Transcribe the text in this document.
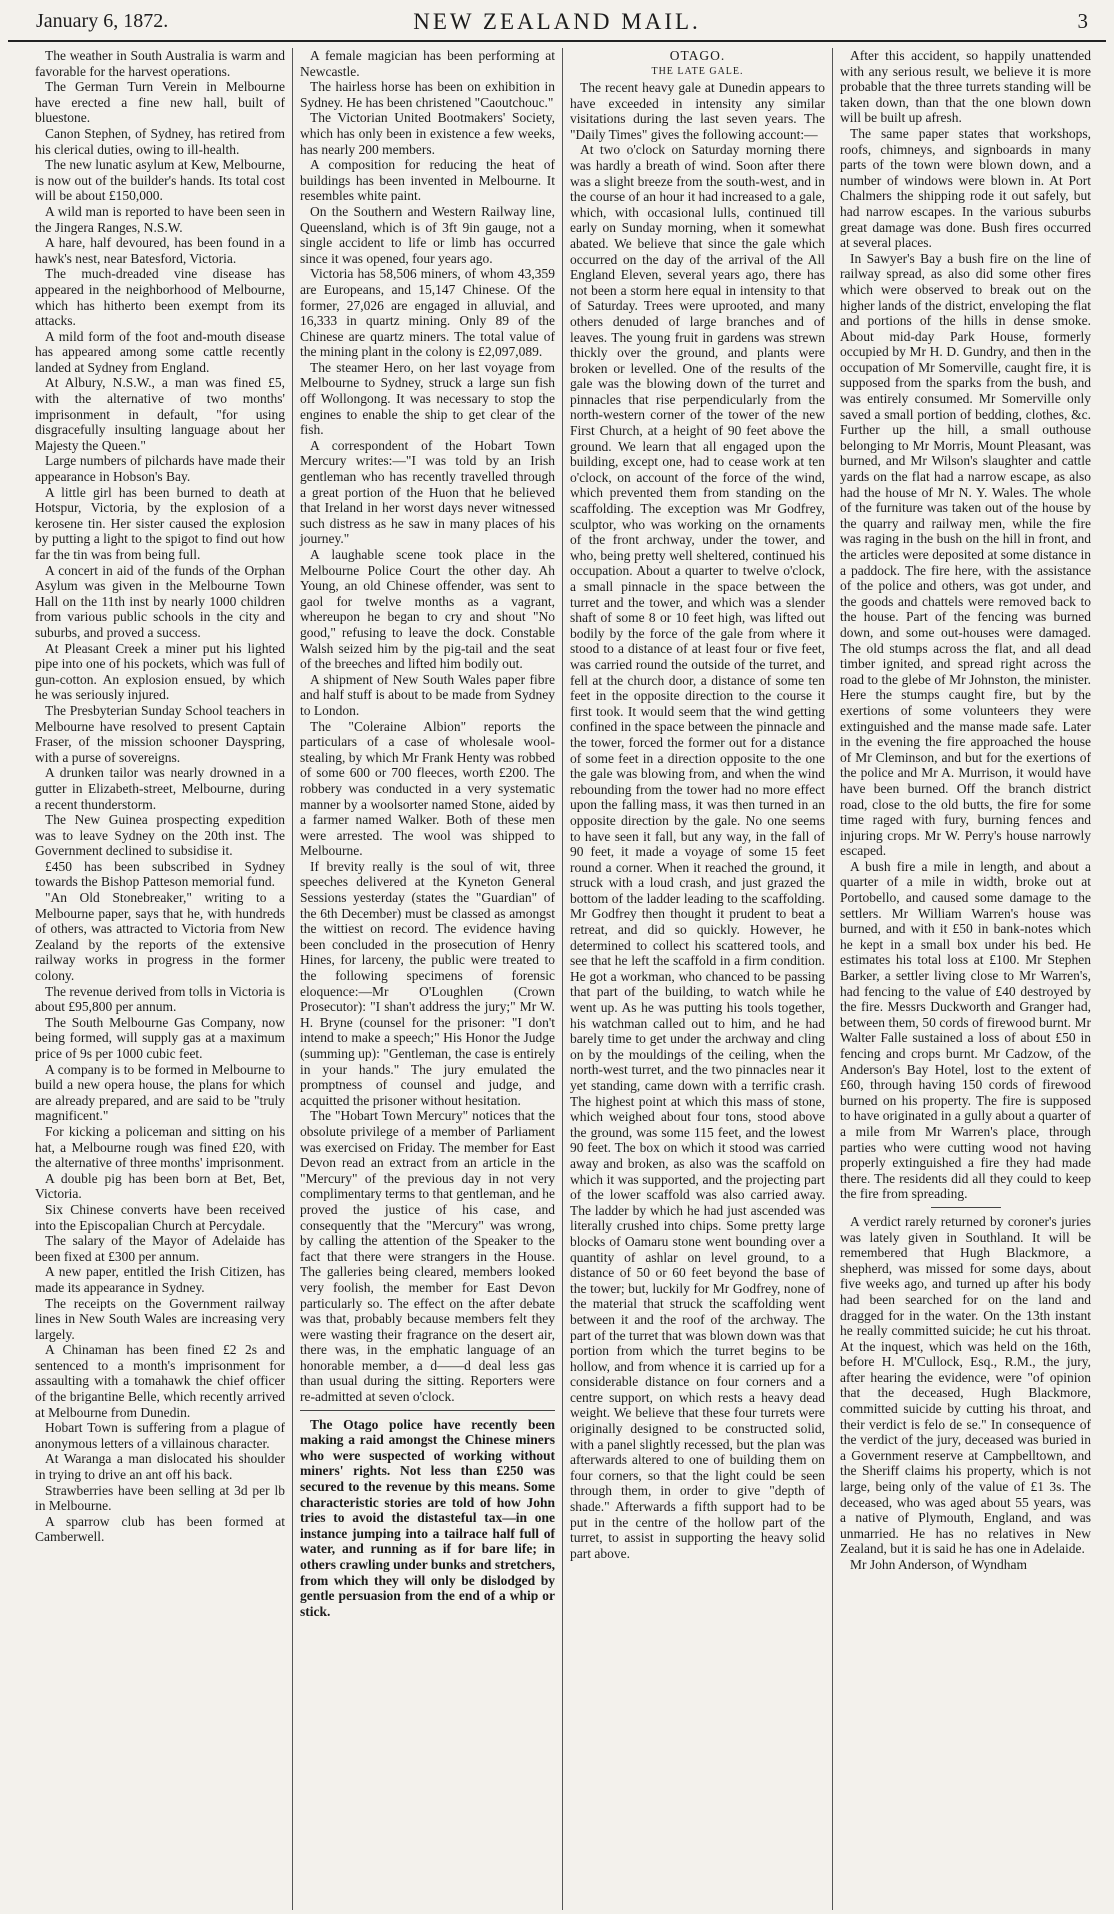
January 6, 1872.	NEW ZEALAND MAIL.	3

The weather in South Australia is warm and favorable for the harvest operations.

The German Turn Verein in Melbourne have erected a fine new hall, built of bluestone.

Canon Stephen, of Sydney, has retired from his clerical duties, owing to ill-health.

The new lunatic asylum at Kew, Melbourne, is now out of the builder's hands. Its total cost will be about £150,000.

A wild man is reported to have been seen in the Jingera Ranges, N.S.W.

A hare, half devoured, has been found in a hawk's nest, near Batesford, Victoria.

The much-dreaded vine disease has appeared in the neighborhood of Melbourne, which has hitherto been exempt from its attacks.

A mild form of the foot and-mouth disease has appeared among some cattle recently landed at Sydney from England.

At Albury, N.S.W., a man was fined £5, with the alternative of two months' imprisonment in default, "for using disgracefully insulting language about her Majesty the Queen."

Large numbers of pilchards have made their appearance in Hobson's Bay.

A little girl has been burned to death at Hotspur, Victoria, by the explosion of a kerosene tin. Her sister caused the explosion by putting a light to the spigot to find out how far the tin was from being full.

A concert in aid of the funds of the Orphan Asylum was given in the Melbourne Town Hall on the 11th inst by nearly 1000 children from various public schools in the city and suburbs, and proved a success.

At Pleasant Creek a miner put his lighted pipe into one of his pockets, which was full of gun-cotton. An explosion ensued, by which he was seriously injured.

The Presbyterian Sunday School teachers in Melbourne have resolved to present Captain Fraser, of the mission schooner Dayspring, with a purse of sovereigns.

A drunken tailor was nearly drowned in a gutter in Elizabeth-street, Melbourne, during a recent thunderstorm.

The New Guinea prospecting expedition was to leave Sydney on the 20th inst. The Government declined to subsidise it.

£450 has been subscribed in Sydney towards the Bishop Patteson memorial fund.

"An Old Stonebreaker," writing to a Melbourne paper, says that he, with hundreds of others, was attracted to Victoria from New Zealand by the reports of the extensive railway works in progress in the former colony.

The revenue derived from tolls in Victoria is about £95,800 per annum.

The South Melbourne Gas Company, now being formed, will supply gas at a maximum price of 9s per 1000 cubic feet.

A company is to be formed in Melbourne to build a new opera house, the plans for which are already prepared, and are said to be "truly magnificent."

For kicking a policeman and sitting on his hat, a Melbourne rough was fined £20, with the alternative of three months' imprisonment.

A double pig has been born at Bet, Bet, Victoria.

Six Chinese converts have been received into the Episcopalian Church at Percydale.

The salary of the Mayor of Adelaide has been fixed at £300 per annum.

A new paper, entitled the Irish Citizen, has made its appearance in Sydney.

The receipts on the Government railway lines in New South Wales are increasing very largely.

A Chinaman has been fined £2 2s and sentenced to a month's imprisonment for assaulting with a tomahawk the chief officer of the brigantine Belle, which recently arrived at Melbourne from Dunedin.

Hobart Town is suffering from a plague of anonymous letters of a villainous character.

At Waranga a man dislocated his shoulder in trying to drive an ant off his back.

Strawberries have been selling at 3d per lb in Melbourne.

A sparrow club has been formed at Camberwell.

A female magician has been performing at Newcastle.

The hairless horse has been on exhibition in Sydney. He has been christened "Caoutchouc."

The Victorian United Bootmakers' Society, which has only been in existence a few weeks, has nearly 200 members.

A composition for reducing the heat of buildings has been invented in Melbourne. It resembles white paint.

On the Southern and Western Railway line, Queensland, which is of 3ft 9in gauge, not a single accident to life or limb has occurred since it was opened, four years ago.

Victoria has 58,506 miners, of whom 43,359 are Europeans, and 15,147 Chinese. Of the former, 27,026 are engaged in alluvial, and 16,333 in quartz mining. Only 89 of the Chinese are quartz miners. The total value of the mining plant in the colony is £2,097,089.

The steamer Hero, on her last voyage from Melbourne to Sydney, struck a large sun fish off Wollongong. It was necessary to stop the engines to enable the ship to get clear of the fish.

A correspondent of the Hobart Town Mercury writes:—"I was told by an Irish gentleman who has recently travelled through a great portion of the Huon that he believed that Ireland in her worst days never witnessed such distress as he saw in many places of his journey."

A laughable scene took place in the Melbourne Police Court the other day. Ah Young, an old Chinese offender, was sent to gaol for twelve months as a vagrant, whereupon he began to cry and shout "No good," refusing to leave the dock. Constable Walsh seized him by the pig-tail and the seat of the breeches and lifted him bodily out.

A shipment of New South Wales paper fibre and half stuff is about to be made from Sydney to London.

The "Coleraine Albion" reports the particulars of a case of wholesale wool-stealing, by which Mr Frank Henty was robbed of some 600 or 700 fleeces, worth £200. The robbery was conducted in a very systematic manner by a woolsorter named Stone, aided by a farmer named Walker. Both of these men were arrested. The wool was shipped to Melbourne.

If brevity really is the soul of wit, three speeches delivered at the Kyneton General Sessions yesterday (states the "Guardian" of the 6th December) must be classed as amongst the wittiest on record. The evidence having been concluded in the prosecution of Henry Hines, for larceny, the public were treated to the following specimens of forensic eloquence:—Mr O'Loughlen (Crown Prosecutor): "I shan't address the jury;" Mr W. H. Bryne (counsel for the prisoner: "I don't intend to make a speech;" His Honor the Judge (summing up): "Gentleman, the case is entirely in your hands." The jury emulated the promptness of counsel and judge, and acquitted the prisoner without hesitation.

The "Hobart Town Mercury" notices that the obsolute privilege of a member of Parliament was exercised on Friday. The member for East Devon read an extract from an article in the "Mercury" of the previous day in not very complimentary terms to that gentleman, and he proved the justice of his case, and consequently that the "Mercury" was wrong, by calling the attention of the Speaker to the fact that there were strangers in the House. The galleries being cleared, members looked very foolish, the member for East Devon particularly so. The effect on the after debate was that, probably because members felt they were wasting their fragrance on the desert air, there was, in the emphatic language of an honorable member, a d——d deal less gas than usual during the sitting. Reporters were re-admitted at seven o'clock.

The Otago police have recently been making a raid amongst the Chinese miners who were suspected of working without miners' rights. Not less than £250 was secured to the revenue by this means. Some characteristic stories are told of how John tries to avoid the distasteful tax—in one instance jumping into a tailrace half full of water, and running as if for bare life; in others crawling under bunks and stretchers, from which they will only be dislodged by gentle persuasion from the end of a whip or stick.

OTAGO.
THE LATE GALE.

The recent heavy gale at Dunedin appears to have exceeded in intensity any similar visitations during the last seven years. The "Daily Times" gives the following account:—

At two o'clock on Saturday morning there was hardly a breath of wind. Soon after there was a slight breeze from the south-west, and in the course of an hour it had increased to a gale, which, with occasional lulls, continued till early on Sunday morning, when it somewhat abated. We believe that since the gale which occurred on the day of the arrival of the All England Eleven, several years ago, there has not been a storm here equal in intensity to that of Saturday. Trees were uprooted, and many others denuded of large branches and of leaves. The young fruit in gardens was strewn thickly over the ground, and plants were broken or levelled. One of the results of the gale was the blowing down of the turret and pinnacles that rise perpendicularly from the north-western corner of the tower of the new First Church, at a height of 90 feet above the ground. We learn that all engaged upon the building, except one, had to cease work at ten o'clock, on account of the force of the wind, which prevented them from standing on the scaffolding. The exception was Mr Godfrey, sculptor, who was working on the ornaments of the front archway, under the tower, and who, being pretty well sheltered, continued his occupation. About a quarter to twelve o'clock, a small pinnacle in the space between the turret and the tower, and which was a slender shaft of some 8 or 10 feet high, was lifted out bodily by the force of the gale from where it stood to a distance of at least four or five feet, was carried round the outside of the turret, and fell at the church door, a distance of some ten feet in the opposite direction to the course it first took. It would seem that the wind getting confined in the space between the pinnacle and the tower, forced the former out for a distance of some feet in a direction opposite to the one the gale was blowing from, and when the wind rebounding from the tower had no more effect upon the falling mass, it was then turned in an opposite direction by the gale. No one seems to have seen it fall, but any way, in the fall of 90 feet, it made a voyage of some 15 feet round a corner. When it reached the ground, it struck with a loud crash, and just grazed the bottom of the ladder leading to the scaffolding. Mr Godfrey then thought it prudent to beat a retreat, and did so quickly. However, he determined to collect his scattered tools, and see that he left the scaffold in a firm condition. He got a workman, who chanced to be passing that part of the building, to watch while he went up. As he was putting his tools together, his watchman called out to him, and he had barely time to get under the archway and cling on by the mouldings of the ceiling, when the north-west turret, and the two pinnacles near it yet standing, came down with a terrific crash. The highest point at which this mass of stone, which weighed about four tons, stood above the ground, was some 115 feet, and the lowest 90 feet. The box on which it stood was carried away and broken, as also was the scaffold on which it was supported, and the projecting part of the lower scaffold was also carried away. The ladder by which he had just ascended was literally crushed into chips. Some pretty large blocks of Oamaru stone went bounding over a quantity of ashlar on level ground, to a distance of 50 or 60 feet beyond the base of the tower; but, luckily for Mr Godfrey, none of the material that struck the scaffolding went between it and the roof of the archway. The part of the turret that was blown down was that portion from which the turret begins to be hollow, and from whence it is carried up for a considerable distance on four corners and a centre support, on which rests a heavy dead weight. We believe that these four turrets were originally designed to be constructed solid, with a panel slightly recessed, but the plan was afterwards altered to one of building them on four corners, so that the light could be seen through them, in order to give "depth of shade." Afterwards a fifth support had to be put in the centre of the hollow part of the turret, to assist in supporting the heavy solid part above.

After this accident, so happily unattended with any serious result, we believe it is more probable that the three turrets standing will be taken down, than that the one blown down will be built up afresh.

The same paper states that workshops, roofs, chimneys, and signboards in many parts of the town were blown down, and a number of windows were blown in. At Port Chalmers the shipping rode it out safely, but had narrow escapes. In the various suburbs great damage was done. Bush fires occurred at several places.

In Sawyer's Bay a bush fire on the line of railway spread, as also did some other fires which were observed to break out on the higher lands of the district, enveloping the flat and portions of the hills in dense smoke. About mid-day Park House, formerly occupied by Mr H. D. Gundry, and then in the occupation of Mr Somerville, caught fire, it is supposed from the sparks from the bush, and was entirely consumed. Mr Somerville only saved a small portion of bedding, clothes, &c. Further up the hill, a small outhouse belonging to Mr Morris, Mount Pleasant, was burned, and Mr Wilson's slaughter and cattle yards on the flat had a narrow escape, as also had the house of Mr N. Y. Wales. The whole of the furniture was taken out of the house by the quarry and railway men, while the fire was raging in the bush on the hill in front, and the articles were deposited at some distance in a paddock. The fire here, with the assistance of the police and others, was got under, and the goods and chattels were removed back to the house. Part of the fencing was burned down, and some out-houses were damaged. The old stumps across the flat, and all dead timber ignited, and spread right across the road to the glebe of Mr Johnston, the minister. Here the stumps caught fire, but by the exertions of some volunteers they were extinguished and the manse made safe. Later in the evening the fire approached the house of Mr Cleminson, and but for the exertions of the police and Mr A. Murrison, it would have have been burned. Off the branch district road, close to the old butts, the fire for some time raged with fury, burning fences and injuring crops. Mr W. Perry's house narrowly escaped.

A bush fire a mile in length, and about a quarter of a mile in width, broke out at Portobello, and caused some damage to the settlers. Mr William Warren's house was burned, and with it £50 in bank-notes which he kept in a small box under his bed. He estimates his total loss at £100. Mr Stephen Barker, a settler living close to Mr Warren's, had fencing to the value of £40 destroyed by the fire. Messrs Duckworth and Granger had, between them, 50 cords of firewood burnt. Mr Walter Falle sustained a loss of about £50 in fencing and crops burnt. Mr Cadzow, of the Anderson's Bay Hotel, lost to the extent of £60, through having 150 cords of firewood burned on his property. The fire is supposed to have originated in a gully about a quarter of a mile from Mr Warren's place, through parties who were cutting wood not having properly extinguished a fire they had made there. The residents did all they could to keep the fire from spreading.

A verdict rarely returned by coroner's juries was lately given in Southland. It will be remembered that Hugh Blackmore, a shepherd, was missed for some days, about five weeks ago, and turned up after his body had been searched for on the land and dragged for in the water. On the 13th instant he really committed suicide; he cut his throat. At the inquest, which was held on the 16th, before H. M'Cullock, Esq., R.M., the jury, after hearing the evidence, were "of opinion that the deceased, Hugh Blackmore, committed suicide by cutting his throat, and their verdict is felo de se." In consequence of the verdict of the jury, deceased was buried in a Government reserve at Campbelltown, and the Sheriff claims his property, which is not large, being only of the value of £1 3s. The deceased, who was aged about 55 years, was a native of Plymouth, England, and was unmarried. He has no relatives in New Zealand, but it is said he has one in Adelaide.

Mr John Anderson, of Wyndham
